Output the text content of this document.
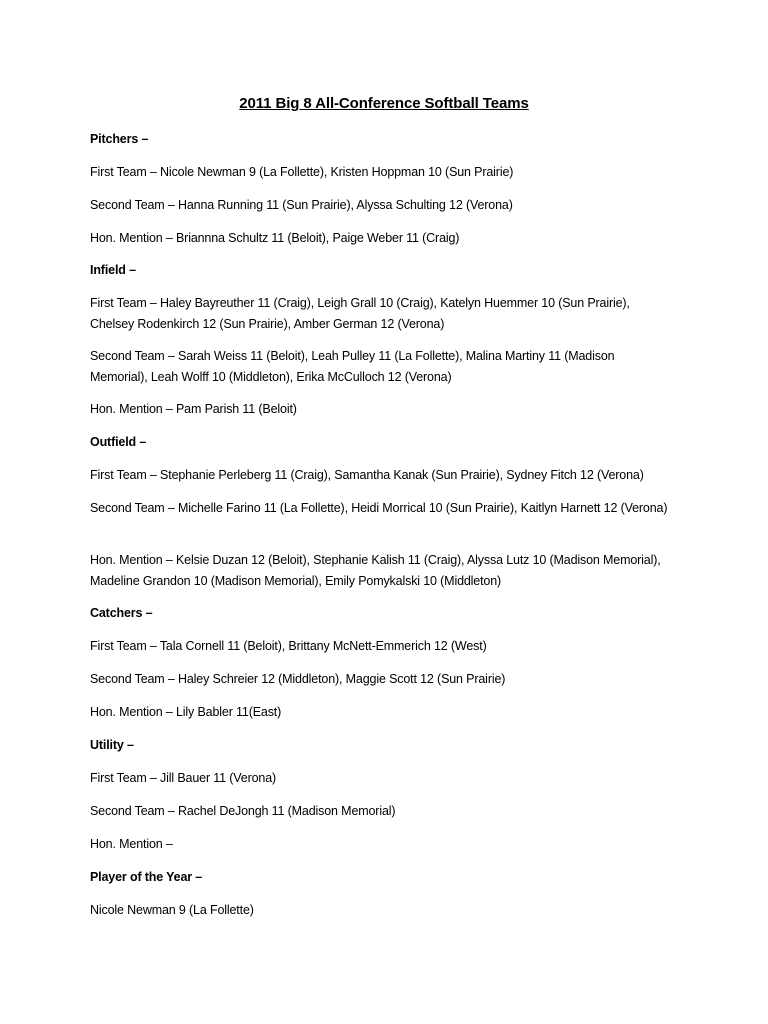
2011 Big 8 All-Conference Softball Teams
Pitchers –
First Team – Nicole Newman 9 (La Follette), Kristen Hoppman 10 (Sun Prairie)
Second Team – Hanna Running 11 (Sun Prairie), Alyssa Schulting 12 (Verona)
Hon. Mention – Briannna Schultz 11 (Beloit), Paige Weber 11 (Craig)
Infield –
First Team – Haley Bayreuther 11 (Craig), Leigh Grall 10 (Craig), Katelyn Huemmer 10 (Sun Prairie), Chelsey Rodenkirch 12 (Sun Prairie), Amber German 12 (Verona)
Second Team – Sarah Weiss 11 (Beloit), Leah Pulley 11 (La Follette), Malina Martiny 11 (Madison Memorial), Leah Wolff 10 (Middleton), Erika McCulloch 12 (Verona)
Hon. Mention – Pam Parish 11 (Beloit)
Outfield –
First Team – Stephanie Perleberg 11 (Craig), Samantha Kanak (Sun Prairie), Sydney Fitch 12 (Verona)
Second Team – Michelle Farino 11 (La Follette), Heidi Morrical 10 (Sun Prairie), Kaitlyn Harnett 12 (Verona)
Hon. Mention – Kelsie Duzan 12 (Beloit), Stephanie Kalish 11 (Craig), Alyssa Lutz 10 (Madison Memorial), Madeline Grandon 10 (Madison Memorial), Emily Pomykalski 10 (Middleton)
Catchers –
First Team – Tala Cornell 11 (Beloit), Brittany McNett-Emmerich 12 (West)
Second Team – Haley Schreier 12 (Middleton), Maggie Scott 12 (Sun Prairie)
Hon. Mention – Lily Babler 11(East)
Utility –
First Team – Jill Bauer 11 (Verona)
Second Team – Rachel DeJongh 11 (Madison Memorial)
Hon. Mention –
Player of the Year –
Nicole Newman 9 (La Follette)
